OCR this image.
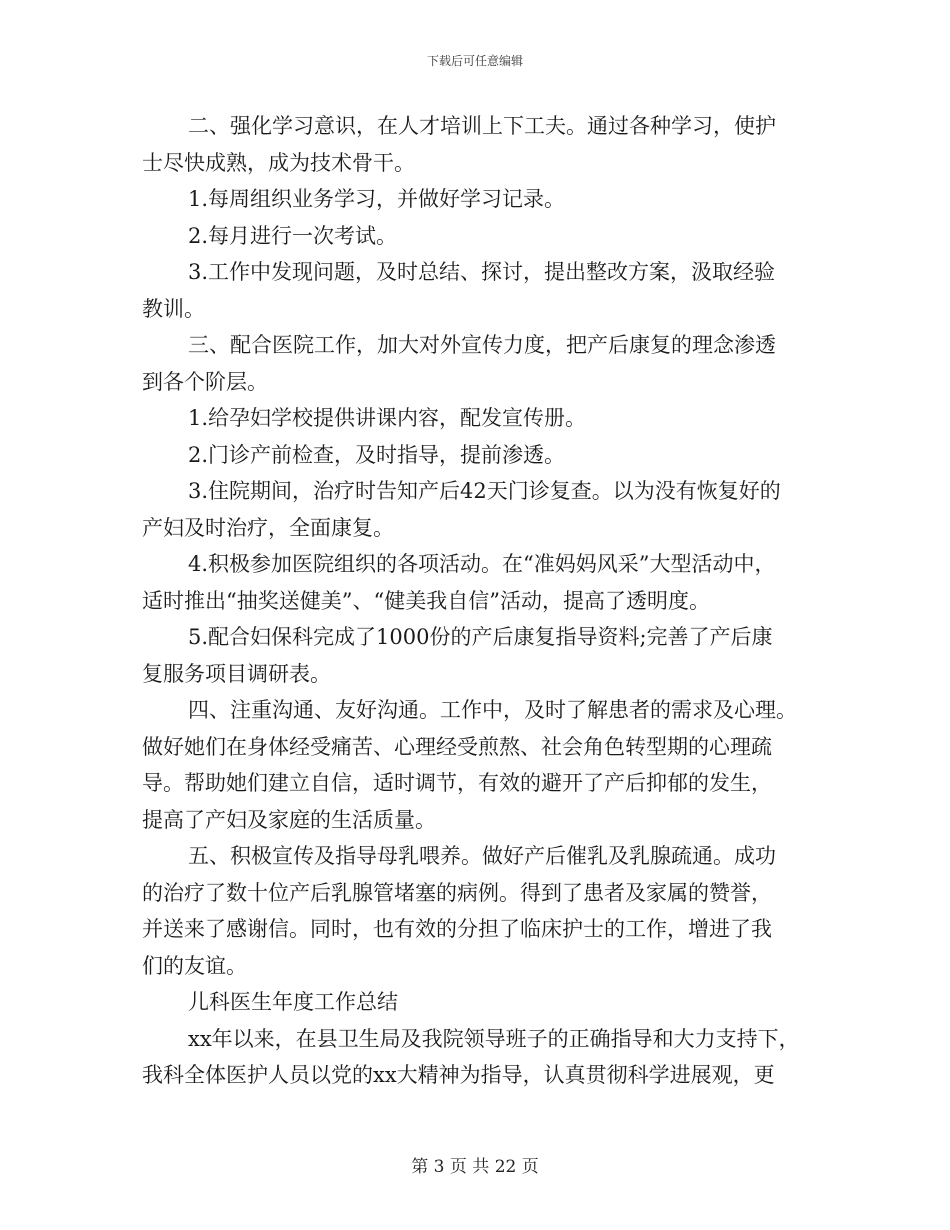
下载后可任意编辑
二、强化学习意识，在人才培训上下工夫。通过各种学习，使护
士尽快成熟，成为技术骨干。
1.每周组织业务学习，并做好学习记录。
2.每月进行一次考试。
3.工作中发现问题，及时总结、探讨，提出整改方案，汲取经验
教训。
三、配合医院工作，加大对外宣传力度，把产后康复的理念渗透
到各个阶层。
1.给孕妇学校提供讲课内容，配发宣传册。
2.门诊产前检查，及时指导，提前渗透。
3.住院期间，治疗时告知产后42天门诊复查。以为没有恢复好的
产妇及时治疗，全面康复。
4.积极参加医院组织的各项活动。在“准妈妈风采”大型活动中，
适时推出“抽奖送健美”、“健美我自信”活动，提高了透明度。
5.配合妇保科完成了1000份的产后康复指导资料;完善了产后康
复服务项目调研表。
四、注重沟通、友好沟通。工作中，及时了解患者的需求及心理。
做好她们在身体经受痛苦、心理经受煎熬、社会角色转型期的心理疏
导。帮助她们建立自信，适时调节，有效的避开了产后抑郁的发生，
提高了产妇及家庭的生活质量。
五、积极宣传及指导母乳喂养。做好产后催乳及乳腺疏通。成功
的治疗了数十位产后乳腺管堵塞的病例。得到了患者及家属的赞誉，
并送来了感谢信。同时，也有效的分担了临床护士的工作，增进了我
们的友谊。
儿科医生年度工作总结
xx年以来，在县卫生局及我院领导班子的正确指导和大力支持下，
我科全体医护人员以党的xx大精神为指导，认真贯彻科学进展观，更
第 3 页 共 22 页
